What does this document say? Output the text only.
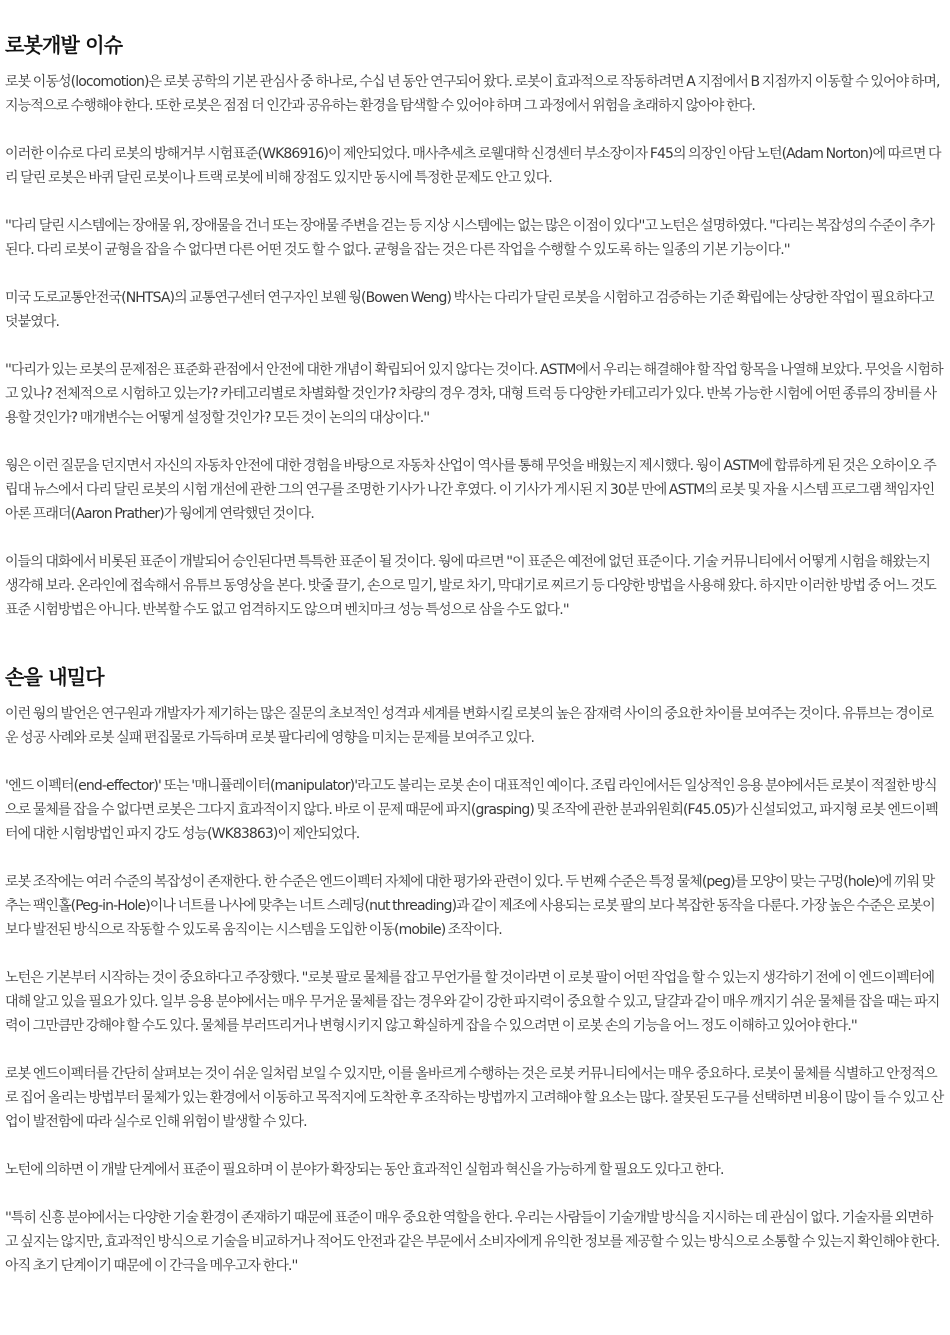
로봇개발 이슈

로봇 이동성(locomotion)은 로봇 공학의 기본 관심사 중 하나로, 수십 년 동안 연구되어 왔다. 로봇이 효과적으로 작동하려면 A 지점에서 B 지점까지 이동할 수 있어야 하며, 지능적으로 수행해야 한다. 또한 로봇은 점점 더 인간과 공유하는 환경을 탐색할 수 있어야 하며 그 과정에서 위험을 초래하지 않아야 한다.

이러한 이슈로 다리 로봇의 방해거부 시험표준(WK86916)이 제안되었다. 매사추세츠 로웰대학 신경센터 부소장이자 F45의 의장인 아담 노턴(Adam Norton)에 따르면 다리 달린 로봇은 바퀴 달린 로봇이나 트랙 로봇에 비해 장점도 있지만 동시에 특정한 문제도 안고 있다.

''다리 달린 시스템에는 장애물 위, 장애물을 건너 또는 장애물 주변을 걷는 등 지상 시스템에는 없는 많은 이점이 있다''고 노턴은 설명하였다. ''다리는 복잡성의 수준이 추가된다. 다리 로봇이 균형을 잡을 수 없다면 다른 어떤 것도 할 수 없다. 균형을 잡는 것은 다른 작업을 수행할 수 있도록 하는 일종의 기본 기능이다.''

미국 도로교통안전국(NHTSA)의 교통연구센터 연구자인 보웬 웡(Bowen Weng) 박사는 다리가 달린 로봇을 시험하고 검증하는 기준 확립에는 상당한 작업이 필요하다고 덧붙였다.

''다리가 있는 로봇의 문제점은 표준화 관점에서 안전에 대한 개념이 확립되어 있지 않다는 것이다. ASTM에서 우리는 해결해야 할 작업 항목을 나열해 보았다. 무엇을 시험하고 있나? 전체적으로 시험하고 있는가? 카테고리별로 차별화할 것인가? 차량의 경우 경차, 대형 트럭 등 다양한 카테고리가 있다. 반복 가능한 시험에 어떤 종류의 장비를 사용할 것인가? 매개변수는 어떻게 설정할 것인가? 모든 것이 논의의 대상이다.''

웡은 이런 질문을 던지면서 자신의 자동차 안전에 대한 경험을 바탕으로 자동차 산업이 역사를 통해 무엇을 배웠는지 제시했다. 웡이 ASTM에 합류하게 된 것은 오하이오 주립대 뉴스에서 다리 달린 로봇의 시험 개선에 관한 그의 연구를 조명한 기사가 나간 후였다. 이 기사가 게시된 지 30분 만에 ASTM의 로봇 및 자율 시스템 프로그램 책임자인 아론 프래더(Aaron Prather)가 웡에게 연락했던 것이다.

이들의 대화에서 비롯된 표준이 개발되어 승인된다면 특특한 표준이 될 것이다. 웡에 따르면 ''이 표준은 예전에 없던 표준이다. 기술 커뮤니티에서 어떻게 시험을 해왔는지 생각해 보라. 온라인에 접속해서 유튜브 동영상을 본다. 밧줄 끌기, 손으로 밀기, 발로 차기, 막대기로 찌르기 등 다양한 방법을 사용해 왔다. 하지만 이러한 방법 중 어느 것도 표준 시험방법은 아니다. 반복할 수도 없고 엄격하지도 않으며 벤치마크 성능 특성으로 삼을 수도 없다.''

손을 내밀다

이런 웡의 발언은 연구원과 개발자가 제기하는 많은 질문의 초보적인 성격과 세계를 변화시킬 로봇의 높은 잠재력 사이의 중요한 차이를 보여주는 것이다. 유튜브는 경이로운 성공 사례와 로봇 실패 편집물로 가득하며 로봇 팔다리에 영향을 미치는 문제를 보여주고 있다.

'엔드 이펙터(end-effector)' 또는 '매니퓰레이터(manipulator)'라고도 불리는 로봇 손이 대표적인 예이다. 조립 라인에서든 일상적인 응용 분야에서든 로봇이 적절한 방식으로 물체를 잡을 수 없다면 로봇은 그다지 효과적이지 않다. 바로 이 문제 때문에 파지(grasping) 및 조작에 관한 분과위원회(F45.05)가 신설되었고, 파지형 로봇 엔드이펙터에 대한 시험방법인 파지 강도 성능(WK83863)이 제안되었다.

로봇 조작에는 여러 수준의 복잡성이 존재한다. 한 수준은 엔드이펙터 자체에 대한 평가와 관련이 있다. 두 번째 수준은 특정 물체(peg)를 모양이 맞는 구멍(hole)에 끼워 맞추는 팩인홀(Peg-in-Hole)이나 너트를 나사에 맞추는 너트 스레딩(nut threading)과 같이 제조에 사용되는 로봇 팔의 보다 복잡한 동작을 다룬다. 가장 높은 수준은 로봇이 보다 발전된 방식으로 작동할 수 있도록 움직이는 시스템을 도입한 이동(mobile) 조작이다.

노턴은 기본부터 시작하는 것이 중요하다고 주장했다. ''로봇 팔로 물체를 잡고 무언가를 할 것이라면 이 로봇 팔이 어떤 작업을 할 수 있는지 생각하기 전에 이 엔드이펙터에 대해 알고 있을 필요가 있다. 일부 응용 분야에서는 매우 무거운 물체를 잡는 경우와 같이 강한 파지력이 중요할 수 있고, 달걀과 같이 매우 깨지기 쉬운 물체를 잡을 때는 파지력이 그만큼만 강해야 할 수도 있다. 물체를 부러뜨리거나 변형시키지 않고 확실하게 잡을 수 있으려면 이 로봇 손의 기능을 어느 정도 이해하고 있어야 한다.''

로봇 엔드이펙터를 간단히 살펴보는 것이 쉬운 일처럼 보일 수 있지만, 이를 올바르게 수행하는 것은 로봇 커뮤니티에서는 매우 중요하다. 로봇이 물체를 식별하고 안정적으로 집어 올리는 방법부터 물체가 있는 환경에서 이동하고 목적지에 도착한 후 조작하는 방법까지 고려해야 할 요소는 많다. 잘못된 도구를 선택하면 비용이 많이 들 수 있고 산업이 발전함에 따라 실수로 인해 위험이 발생할 수 있다.

노턴에 의하면 이 개발 단계에서 표준이 필요하며 이 분야가 확장되는 동안 효과적인 실험과 혁신을 가능하게 할 필요도 있다고 한다.

''특히 신흥 분야에서는 다양한 기술 환경이 존재하기 때문에 표준이 매우 중요한 역할을 한다. 우리는 사람들이 기술개발 방식을 지시하는 데 관심이 없다. 기술자를 외면하고 싶지는 않지만, 효과적인 방식으로 기술을 비교하거나 적어도 안전과 같은 부문에서 소비자에게 유익한 정보를 제공할 수 있는 방식으로 소통할 수 있는지 확인해야 한다. 아직 초기 단계이기 때문에 이 간극을 메우고자 한다.''
